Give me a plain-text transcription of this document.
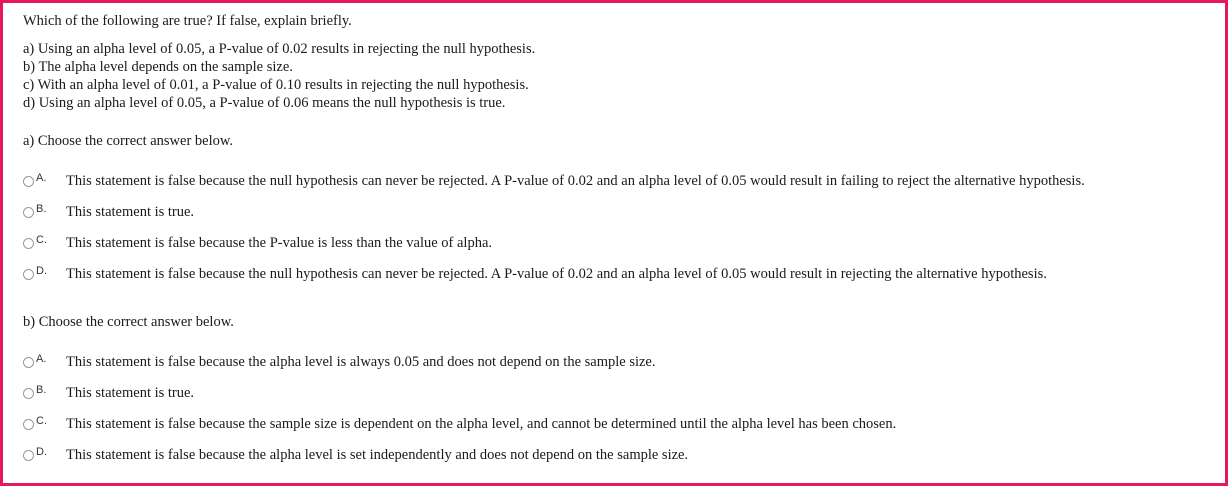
Which of the following are true? If false, explain briefly.
a) Using an alpha level of 0.05, a P-value of 0.02 results in rejecting the null hypothesis.
b) The alpha level depends on the sample size.
c) With an alpha level of 0.01, a P-value of 0.10 results in rejecting the null hypothesis.
d) Using an alpha level of 0.05, a P-value of 0.06 means the null hypothesis is true.
a) Choose the correct answer below.
A.	This statement is false because the null hypothesis can never be rejected. A P-value of 0.02 and an alpha level of 0.05 would result in failing to reject the alternative hypothesis.
B.	This statement is true.
C.	This statement is false because the P-value is less than the value of alpha.
D.	This statement is false because the null hypothesis can never be rejected. A P-value of 0.02 and an alpha level of 0.05 would result in rejecting the alternative hypothesis.
b) Choose the correct answer below.
A.	This statement is false because the alpha level is always 0.05 and does not depend on the sample size.
B.	This statement is true.
C.	This statement is false because the sample size is dependent on the alpha level, and cannot be determined until the alpha level has been chosen.
D.	This statement is false because the alpha level is set independently and does not depend on the sample size.
